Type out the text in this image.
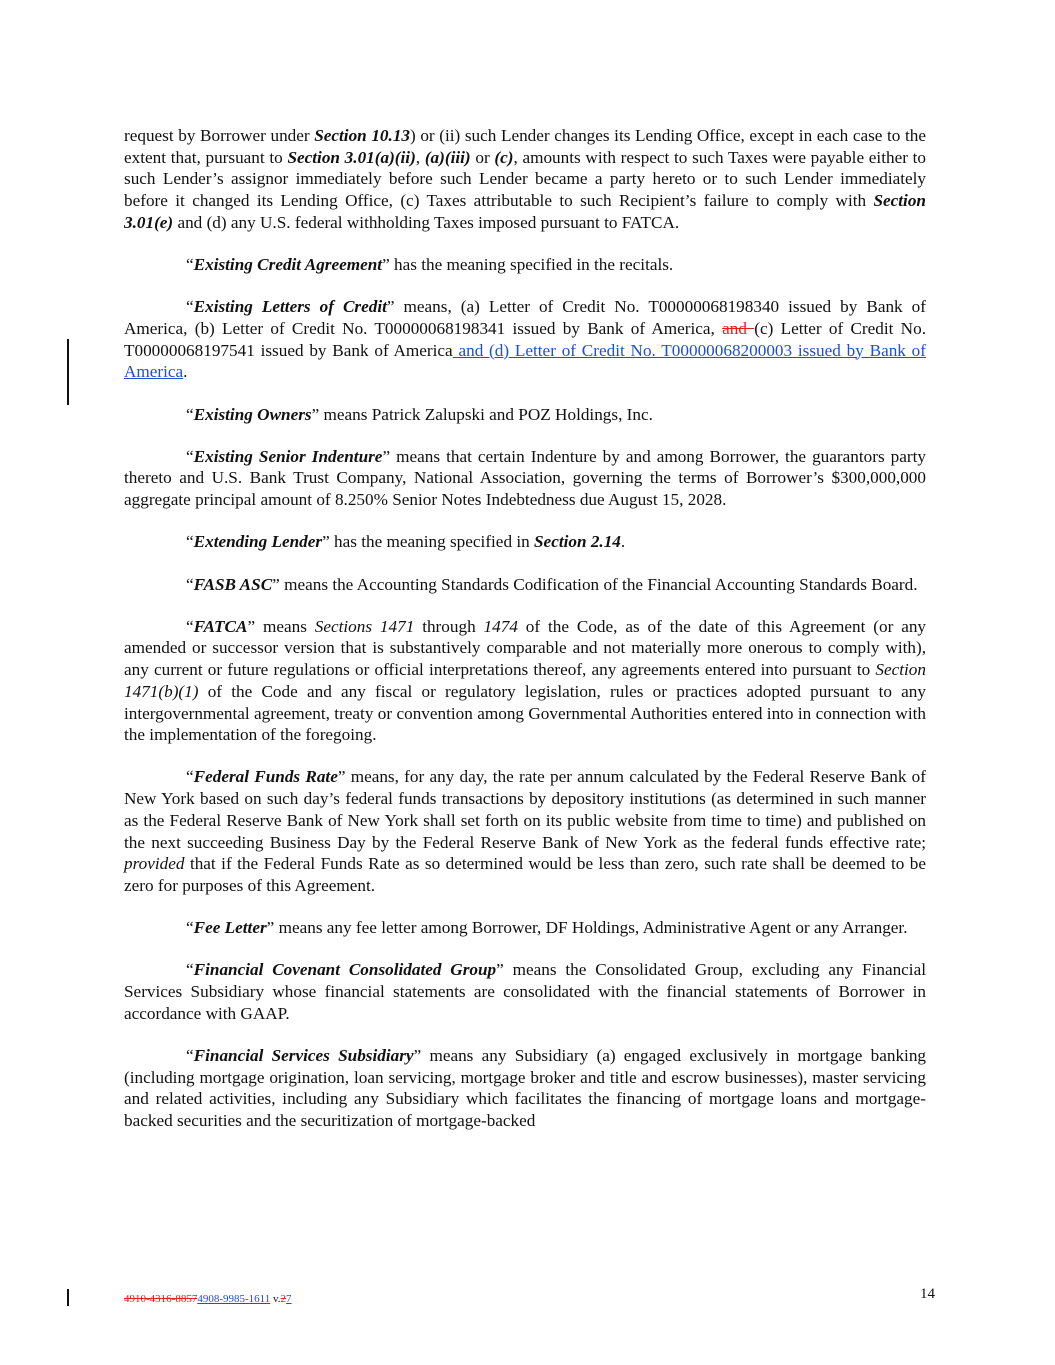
request by Borrower under Section 10.13) or (ii) such Lender changes its Lending Office, except in each case to the extent that, pursuant to Section 3.01(a)(ii), (a)(iii) or (c), amounts with respect to such Taxes were payable either to such Lender’s assignor immediately before such Lender became a party hereto or to such Lender immediately before it changed its Lending Office, (c) Taxes attributable to such Recipient’s failure to comply with Section 3.01(e) and (d) any U.S. federal withholding Taxes imposed pursuant to FATCA.

“Existing Credit Agreement” has the meaning specified in the recitals.

“Existing Letters of Credit” means, (a) Letter of Credit No. T00000068198340 issued by Bank of America, (b) Letter of Credit No. T00000068198341 issued by Bank of America, and (c) Letter of Credit No. T00000068197541 issued by Bank of America and (d) Letter of Credit No. T00000068200003 issued by Bank of America.

“Existing Owners” means Patrick Zalupski and POZ Holdings, Inc.

“Existing Senior Indenture” means that certain Indenture by and among Borrower, the guarantors party thereto and U.S. Bank Trust Company, National Association, governing the terms of Borrower’s $300,000,000 aggregate principal amount of 8.250% Senior Notes Indebtedness due August 15, 2028.

“Extending Lender” has the meaning specified in Section 2.14.

“FASB ASC” means the Accounting Standards Codification of the Financial Accounting Standards Board.

“FATCA” means Sections 1471 through 1474 of the Code, as of the date of this Agreement (or any amended or successor version that is substantively comparable and not materially more onerous to comply with), any current or future regulations or official interpretations thereof, any agreements entered into pursuant to Section 1471(b)(1) of the Code and any fiscal or regulatory legislation, rules or practices adopted pursuant to any intergovernmental agreement, treaty or convention among Governmental Authorities entered into in connection with the implementation of the foregoing.

“Federal Funds Rate” means, for any day, the rate per annum calculated by the Federal Reserve Bank of New York based on such day’s federal funds transactions by depository institutions (as determined in such manner as the Federal Reserve Bank of New York shall set forth on its public website from time to time) and published on the next succeeding Business Day by the Federal Reserve Bank of New York as the federal funds effective rate; provided that if the Federal Funds Rate as so determined would be less than zero, such rate shall be deemed to be zero for purposes of this Agreement.

“Fee Letter” means any fee letter among Borrower, DF Holdings, Administrative Agent or any Arranger.

“Financial Covenant Consolidated Group” means the Consolidated Group, excluding any Financial Services Subsidiary whose financial statements are consolidated with the financial statements of Borrower in accordance with GAAP.

“Financial Services Subsidiary” means any Subsidiary (a) engaged exclusively in mortgage banking (including mortgage origination, loan servicing, mortgage broker and title and escrow businesses), master servicing and related activities, including any Subsidiary which facilitates the financing of mortgage loans and mortgage-backed securities and the securitization of mortgage-backed

4910-4316-88574908-9985-1611 v.27	14
